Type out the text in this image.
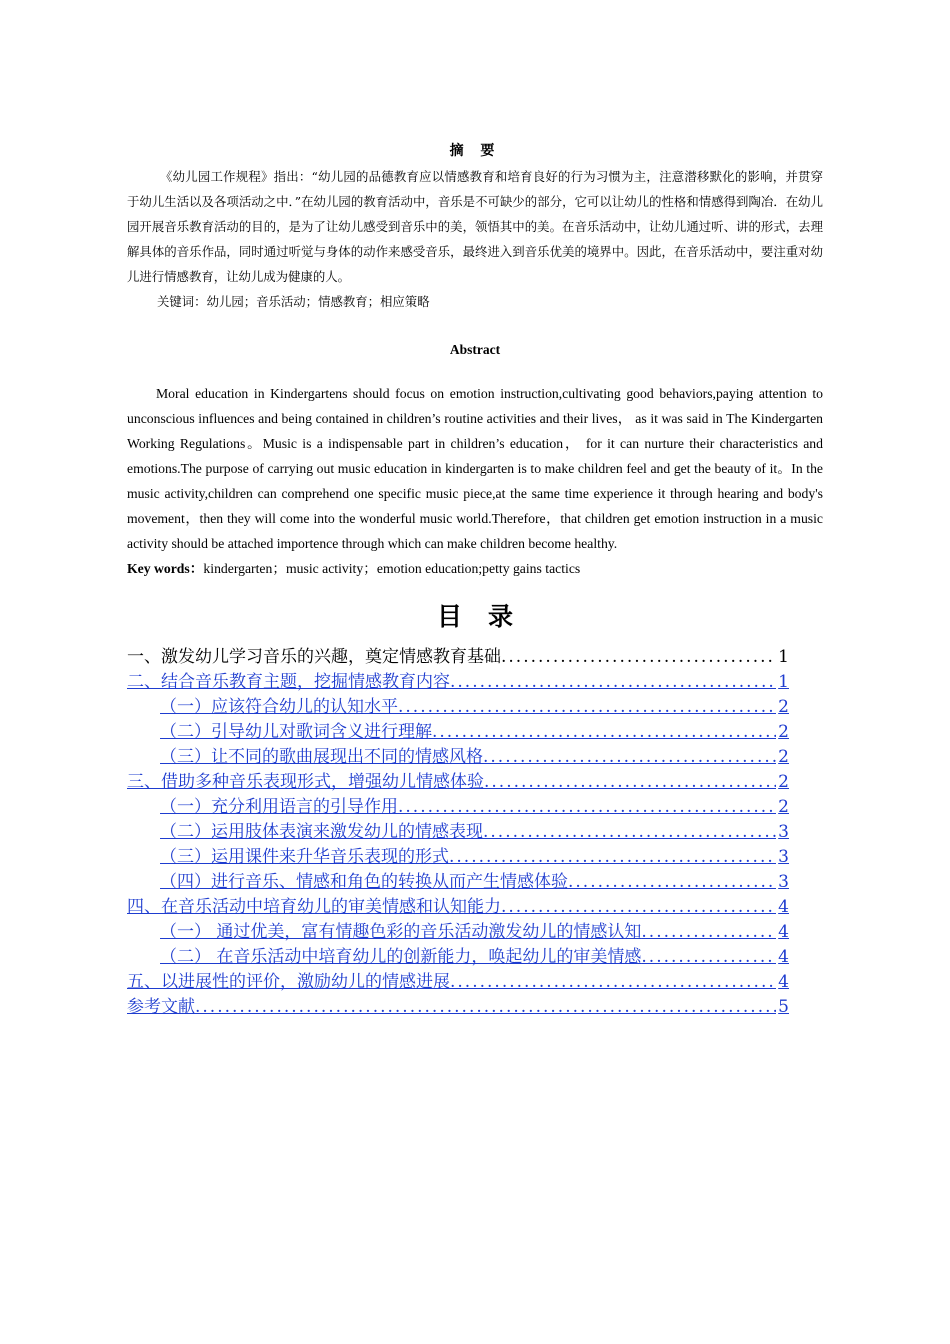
摘 要

《幼儿园工作规程》指出：“幼儿园的品德教育应以情感教育和培育良好的行为习惯为主，注意潜移默化的影响，并贯穿于幼儿生活以及各项活动之中．”在幼儿园的教育活动中，音乐是不可缺少的部分，它可以让幼儿的性格和情感得到陶冶．在幼儿园开展音乐教育活动的目的，是为了让幼儿感受到音乐中的美，领悟其中的美。在音乐活动中，让幼儿通过听、讲的形式，去理解具体的音乐作品，同时通过听觉与身体的动作来感受音乐，最终进入到音乐优美的境界中。因此，在音乐活动中，要注重对幼儿进行情感教育，让幼儿成为健康的人。

关键词：幼儿园；音乐活动；情感教育；相应策略

Abstract

Moral education in Kindergartens should focus on emotion instruction,cultivating good behaviors,paying attention to unconscious influences and being contained in children’s routine activities and their lives， as it was said in The Kindergarten Working Regulations。Music is a indispensable part in children’s education， for it can nurture their characteristics and emotions.The purpose of carrying out music education in kindergarten is to make children feel and get the beauty of it。In the music activity,children can comprehend one specific music piece,at the same time experience it through hearing and body's movement，then they will come into the wonderful music world.Therefore，that children get emotion instruction in a music activity should be attached importence through which can make children become healthy.

Key words：kindergarten；music activity；emotion education;petty gains tactics

目录
一、激发幼儿学习音乐的兴趣，奠定情感教育基础 .....	1
二、结合音乐教育主题，挖掘情感教育内容 .....	1
（一）应该符合幼儿的认知水平 .....	2
（二）引导幼儿对歌词含义进行理解 .....	2
（三）让不同的歌曲展现出不同的情感风格 .....	2
三、借助多种音乐表现形式，增强幼儿情感体验 .....	2
（一）充分利用语言的引导作用 .....	2
（二）运用肢体表演来激发幼儿的情感表现 .....	3
（三）运用课件来升华音乐表现的形式 .....	3
（四）进行音乐、情感和角色的转换从而产生情感体验 .....	3
四、在音乐活动中培育幼儿的审美情感和认知能力 .....	4
（一） 通过优美，富有情趣色彩的音乐活动激发幼儿的情感认知 .....	4
（二） 在音乐活动中培育幼儿的创新能力，唤起幼儿的审美情感 .....	4
五、以进展性的评价，激励幼儿的情感进展 .....	4
参考文献 .....	5
